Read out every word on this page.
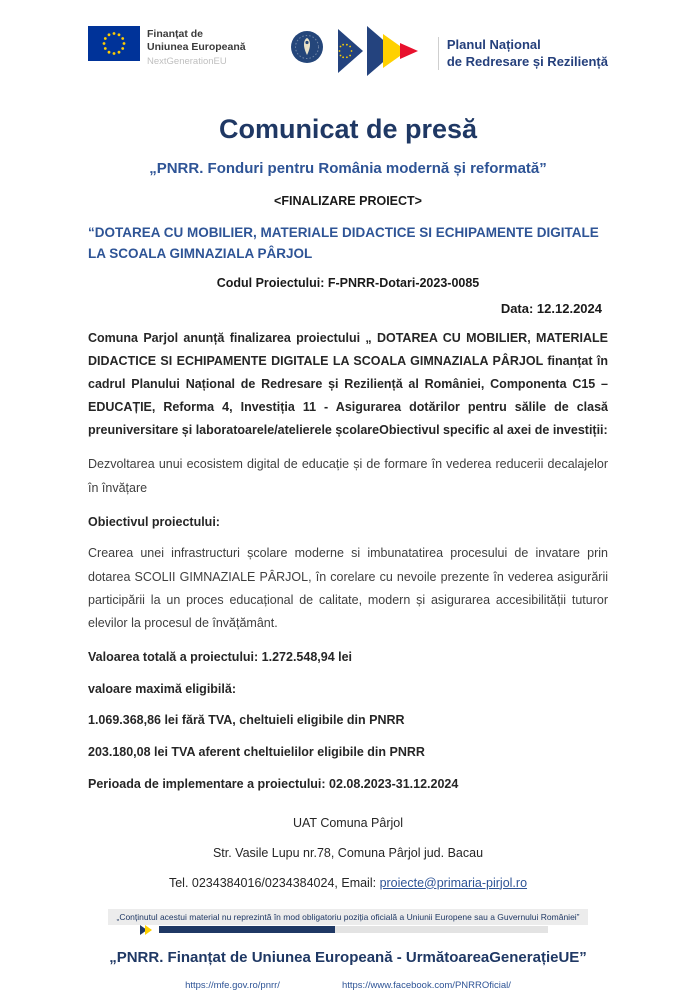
Finanțat de
Uniunea Europeană
NextGenerationEU
Planul Național
de Redresare și Reziliență
Comunicat de presă
„PNRR. Fonduri pentru România modernă și reformată”
<FINALIZARE PROIECT>
“DOTAREA CU MOBILIER, MATERIALE DIDACTICE SI ECHIPAMENTE DIGITALE
LA SCOALA GIMNAZIALA PÂRJOL
Codul Proiectului: F-PNRR-Dotari-2023-0085
Data: 12.12.2024
Comuna Parjol anunță finalizarea proiectului „ DOTAREA CU MOBILIER, MATERIALE DIDACTICE SI ECHIPAMENTE DIGITALE LA SCOALA GIMNAZIALA PÂRJOL finanțat în cadrul Planului Național de Redresare și Reziliență al României, Componenta C15 – EDUCAȚIE, Reforma 4, Investiția 11 - Asigurarea dotărilor pentru sălile de clasă preuniversitare și laboratoarele/atelierele școlareObiectivul specific al axei de investiții:
Dezvoltarea unui ecosistem digital de educație și de formare în vederea reducerii decalajelor în învățare
Obiectivul proiectului:
Crearea unei infrastructuri școlare moderne si imbunatatirea procesului de invatare prin dotarea SCOLII GIMNAZIALE PÂRJOL, în corelare cu nevoile prezente în vederea asigurării participării la un proces educațional de calitate, modern și asigurarea accesibilității tuturor elevilor la procesul de învățământ.
Valoarea totală a proiectului: 1.272.548,94 lei
valoare maximă eligibilă:
1.069.368,86 lei fără TVA, cheltuieli eligibile din PNRR
203.180,08 lei TVA aferent cheltuielilor eligibile din PNRR
Perioada de implementare a proiectului: 02.08.2023-31.12.2024
UAT Comuna Pârjol
Str. Vasile Lupu nr.78, Comuna Pârjol jud. Bacau
Tel. 0234384016/0234384024, Email: proiecte@primaria-pirjol.ro
„Conținutul acestui material nu reprezintă în mod obligatoriu poziția oficială a Uniunii Europene sau a Guvernului României”
„PNRR. Finanțat de Uniunea Europeană - UrmătoareaGenerațieUE”
https://mfe.gov.ro/pnrr/	https://www.facebook.com/PNRROficial/
